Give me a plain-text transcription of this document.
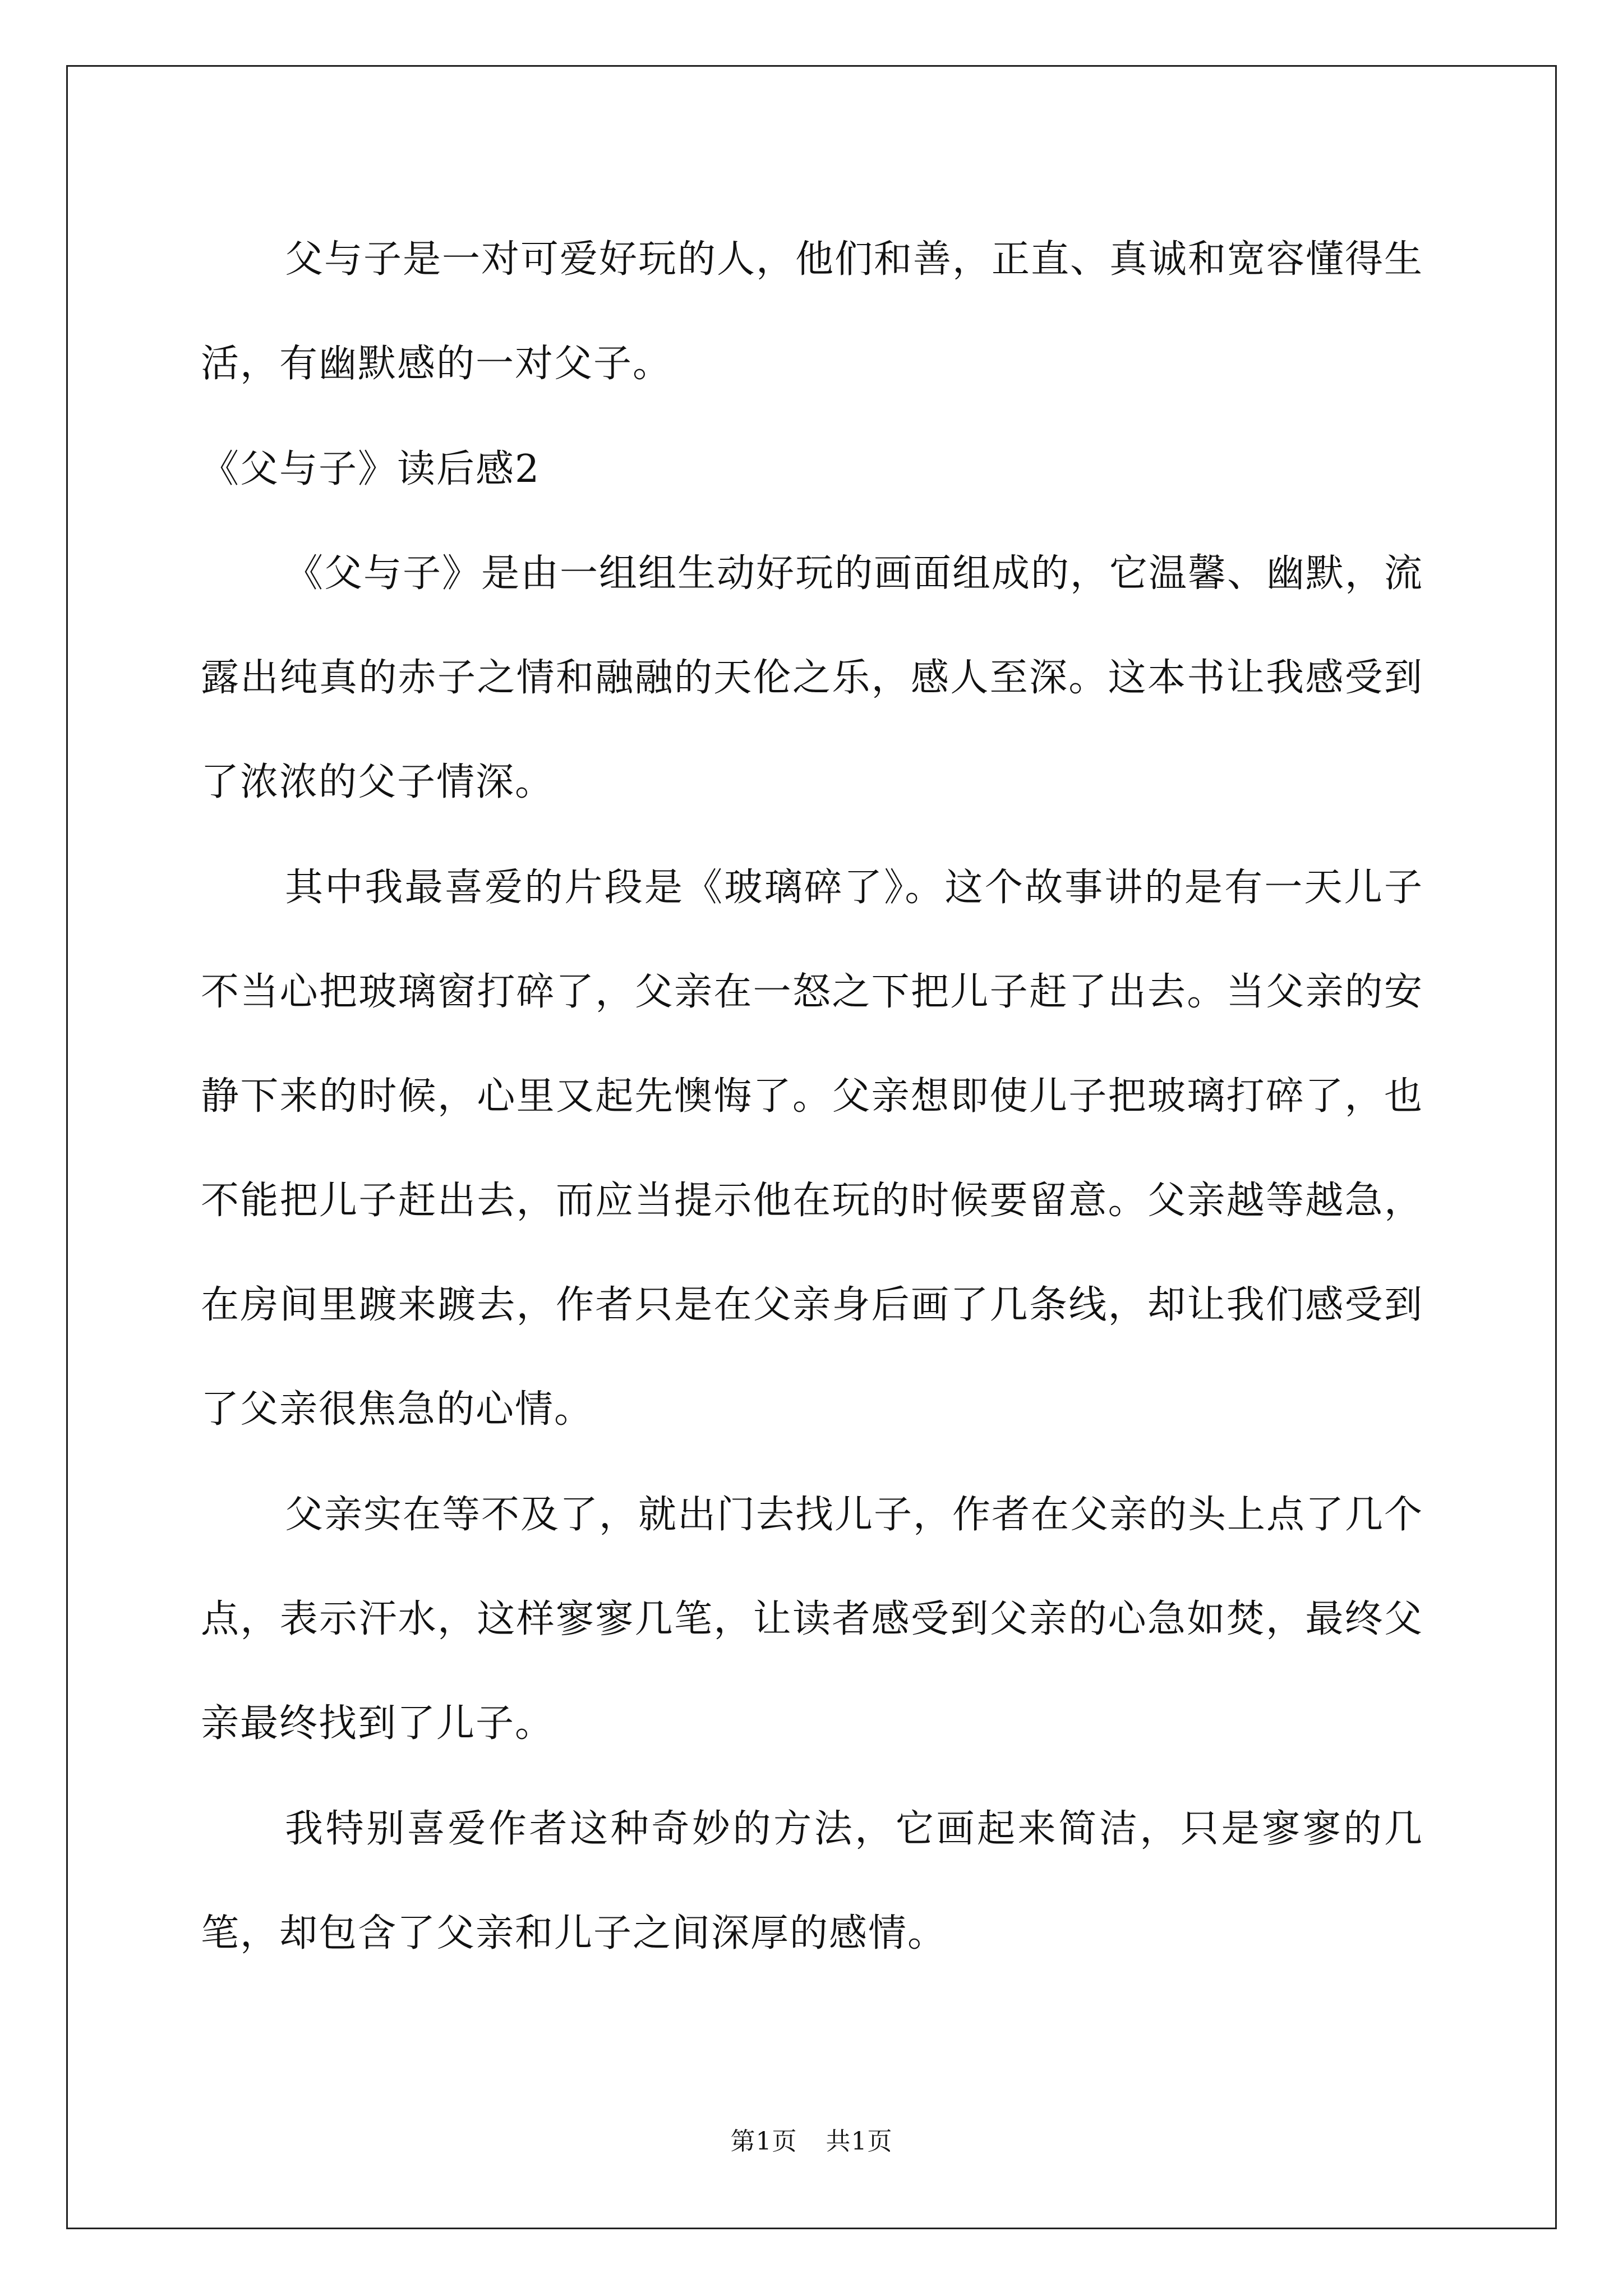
父与子是一对可爱好玩的人，他们和善，正直、真诚和宽容懂得生活，有幽默感的一对父子。

《父与子》读后感2

《父与子》是由一组组生动好玩的画面组成的，它温馨、幽默，流露出纯真的赤子之情和融融的天伦之乐，感人至深。这本书让我感受到了浓浓的父子情深。

其中我最喜爱的片段是《玻璃碎了》。这个故事讲的是有一天儿子不当心把玻璃窗打碎了，父亲在一怒之下把儿子赶了出去。当父亲的安静下来的时候，心里又起先懊悔了。父亲想即使儿子把玻璃打碎了，也不能把儿子赶出去，而应当提示他在玩的时候要留意。父亲越等越急，在房间里踱来踱去，作者只是在父亲身后画了几条线，却让我们感受到了父亲很焦急的心情。

父亲实在等不及了，就出门去找儿子，作者在父亲的头上点了几个点，表示汗水，这样寥寥几笔，让读者感受到父亲的心急如焚，最终父亲最终找到了儿子。

我特别喜爱作者这种奇妙的方法，它画起来简洁，只是寥寥的几笔，却包含了父亲和儿子之间深厚的感情。

第1页 共1页
